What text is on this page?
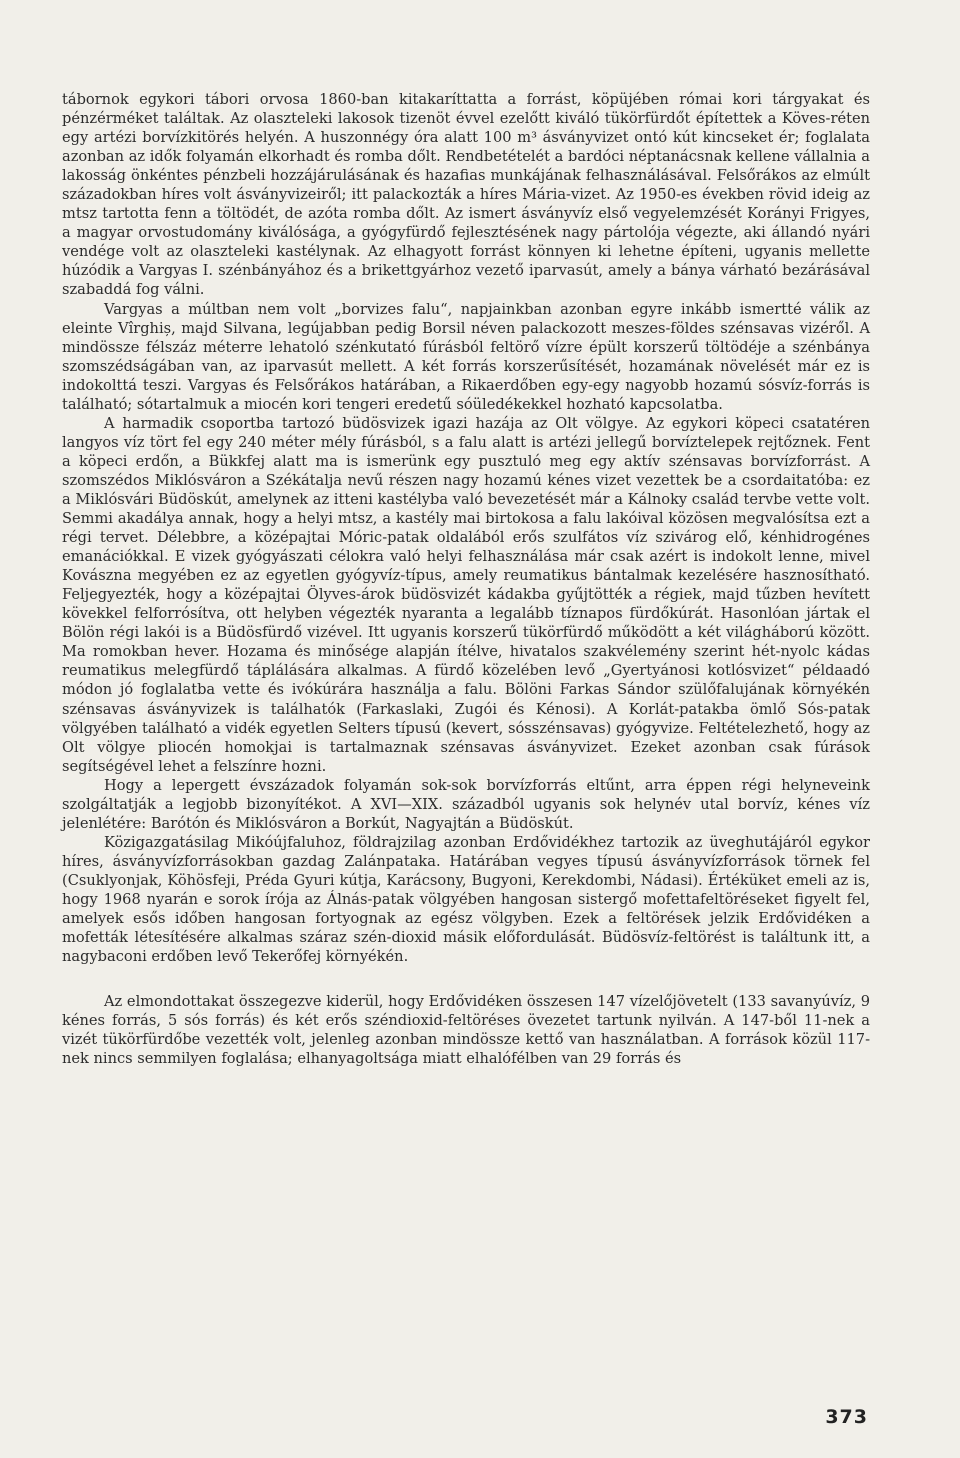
tábornok egykori tábori orvosa 1860-ban kitakaríttatta a forrást, köpüjében római kori tárgyakat és pénzérméket találtak. Az olaszteleki lakosok tizenöt évvel ezelőtt kiváló tükörfürdőt építettek a Köves-réten egy artézi borvízkitörés helyén. A huszonnégy óra alatt 100 m³ ásványvizet ontó kút kincseket ér; foglalata azonban az idők folyamán elkorhadt és romba dőlt. Rendbetételét a bardóci néptanácsnak kellene vállalnia a lakosság önkéntes pénzbeli hozzájárulásának és hazafias munkájának felhasználásával. Felsőrákos az elmúlt századokban híres volt ásványvizeiről; itt palackozták a híres Mária-vizet. Az 1950-es években rövid ideig az mtsz tartotta fenn a töltödét, de azóta romba dőlt. Az ismert ásványvíz első vegyelemzését Korányi Frigyes, a magyar orvostudomány kiválósága, a gyógyfürdő fejlesztésének nagy pártolója végezte, aki állandó nyári vendége volt az olasztelеki kastélynak. Az elhagyott forrást könnyen ki lehetne építeni, ugyanis mellette húzódik a Vargyas I. szénbányához és a brikettgyárhoz vezető iparvasút, amely a bánya várható bezárásával szabaddá fog válni.

Vargyas a múltban nem volt „borvizes falu“, napjainkban azonban egyre inkább ismertté válik az eleinte Vîrghiș, majd Silvana, legújabban pedig Borsil néven palackozott meszes-földes szénsavas vizéről. A mindössze félszáz méterre lehatoló szénkutató fúrásból feltörő vízre épült korszerű töltödéje a szénbánya szomszédságában van, az iparvasút mellett. A két forrás korszerűsítését, hozamának növelését már ez is indokolttá teszi. Vargyas és Felsőrákos határában, a Rikaerdőben egy-egy nagyobb hozamú sósvíz-forrás is található; sótartalmuk a miocén kori tengeri eredetű sóüledékekkel hozható kapcsolatba.

A harmadik csoportba tartozó büdösvizek igazi hazája az Olt völgye. Az egykori köpeci csatatéren langyos víz tört fel egy 240 méter mély fúrásból, s a falu alatt is artézi jellegű borvíztelepek rejtőznek. Fent a köpeci erdőn, a Bükkfej alatt ma is ismerünk egy pusztuló meg egy aktív szénsavas borvízforrást. A szomszédos Miklósváron a Székátalja nevű részen nagy hozamú kénes vizet vezettek be a csordaitatóba: ez a Miklósvári Büdöskút, amelynek az itteni kastélyba való bevezetését már a Kálnoky család tervbe vette volt. Semmi akadálya annak, hogy a helyi mtsz, a kastély mai birtokosa a falu lakóival közösen megvalósítsa ezt a régi tervet. Délebbre, a középajtai Móric-patak oldalából erős szulfátos víz szivárog elő, kénhidrogénes emanációkkal. E vizek gyógyászati célokra való helyi felhasználása már csak azért is indokolt lenne, mivel Kovászna megyében ez az egyetlen gyógyvíz-típus, amely reumatikus bántalmak kezelésére hasznosítható. Feljegyezték, hogy a középajtai Ölyves-árok büdösvizét kádakba gyűjtötték a régiek, majd tűzben hevített kövekkel felforrósítva, ott helyben végezték nyaranta a legalább tíznapos fürdőkúrát. Hasonlóan jártak el Bölön régi lakói is a Büdösfürdő vizével. Itt ugyanis korszerű tükörfürdő működött a két világháború között. Ma romokban hever. Hozama és minősége alapján ítélve, hivatalos szakvélemény szerint hét-nyolc kádas reumatikus melegfürdő táplálására alkalmas. A fürdő közelében levő „Gyertyánosi kotlósvizet“ példaadó módon jó foglalatba vette és ivókúrára használja a falu. Bölöni Farkas Sándor szülőfalujának környékén szénsavas ásványvizek is találhatók (Farkaslaki, Zugói és Kénosi). A Korlát-patakba ömlő Sós-patak völgyében található a vidék egyetlen Selters típusú (kevert, sósszénsavas) gyógyvize. Feltételezhető, hogy az Olt völgye pliocén homokjai is tartalmaznak szénsavas ásványvizet. Ezeket azonban csak fúrások segítségével lehet a felszínre hozni.

Hogy a lepergett évszázadok folyamán sok-sok borvízforrás eltűnt, arra éppen régi helyneveink szolgáltatják a legjobb bizonyítékot. A XVI—XIX. századból ugyanis sok helynév utal borvíz, kénes víz jelenlétére: Barótón és Miklósváron a Borkút, Nagyajtán a Büdöskút.

Közigazgatásilag Mikóújfaluhoz, földrajzilag azonban Erdővidékhez tartozik az üveghutájáról egykor híres, ásványvízforrásokban gazdag Zalánpataka. Határában vegyes típusú ásványvízforrások törnek fel (Csuklyonjak, Köhösfeji, Préda Gyuri kútja, Karácsony, Bugyoni, Kerekdombi, Nádasi). Értéküket emeli az is, hogy 1968 nyarán e sorok írója az Álnás-patak völgyében hangosan sistergő mofettafeltöréseket figyelt fel, amelyek esős időben hangosan fortyognak az egész völgyben. Ezek a feltörések jelzik Erdővidéken a mofetták létesítésére alkalmas száraz szén-dioxid másik előfordulását. Büdösvíz-feltörést is találtunk itt, a nagybaconi erdőben levő Tekerőfej környékén.

Az elmondottakat összegezve kiderül, hogy Erdővidéken összesen 147 vízelőjövetelt (133 savanyúvíz, 9 kénes forrás, 5 sós forrás) és két erős széndioxid-feltöréses övezetet tartunk nyilván. A 147-ből 11-nek a vizét tükörfürdőbe vezették volt, jelenleg azonban mindössze kettő van használatban. A források közül 117-nek nincs semmilyen foglalása; elhanyagoltsága miatt elhalófélben van 29 forrás és

373
